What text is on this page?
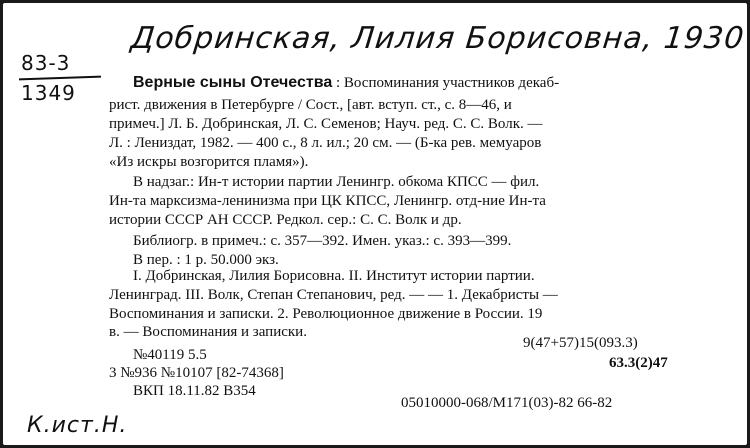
Добринская, Лилия Борисовна, 1930
83-3
1349	Верные сыны Отечества : Воспоминания участников декаб-
рист. движения в Петербурге / Сост., [авт. вступ. ст., с. 8—46, и
примеч.] Л. Б. Добринская, Л. С. Семенов; Науч. ред. С. С. Волк. —
Л. : Лениздат, 1982. — 400 с., 8 л. ил.; 20 см. — (Б-ка рев. мемуаров
«Из искры возгорится пламя»).
В надзаг.: Ин-т истории партии Ленингр. обкома КПСС — фил.
Ин-та марксизма-ленинизма при ЦК КПСС, Ленингр. отд-ние Ин-та
истории СССР АН СССР. Редкол. сер.: С. С. Волк и др.
Библиогр. в примеч.: с. 357—392. Имен. указ.: с. 393—399.
В пер. : 1 р. 50.000 экз.
I. Добринская, Лилия Борисовна. II. Институт истории партии.
Ленинград. III. Волк, Степан Степанович, ред. — — 1. Декабристы —
Воспоминания и записки. 2. Революционное движение в России. 19
в. — Воспоминания и записки.
№40119 5.5
3 №936 №10107 [82-74368]
ВКП 18.11.82 В354
9(47+57)15(093.3)
63.3(2)47
05010000-068/М171(03)-82 66-82
К.ист.Н.
